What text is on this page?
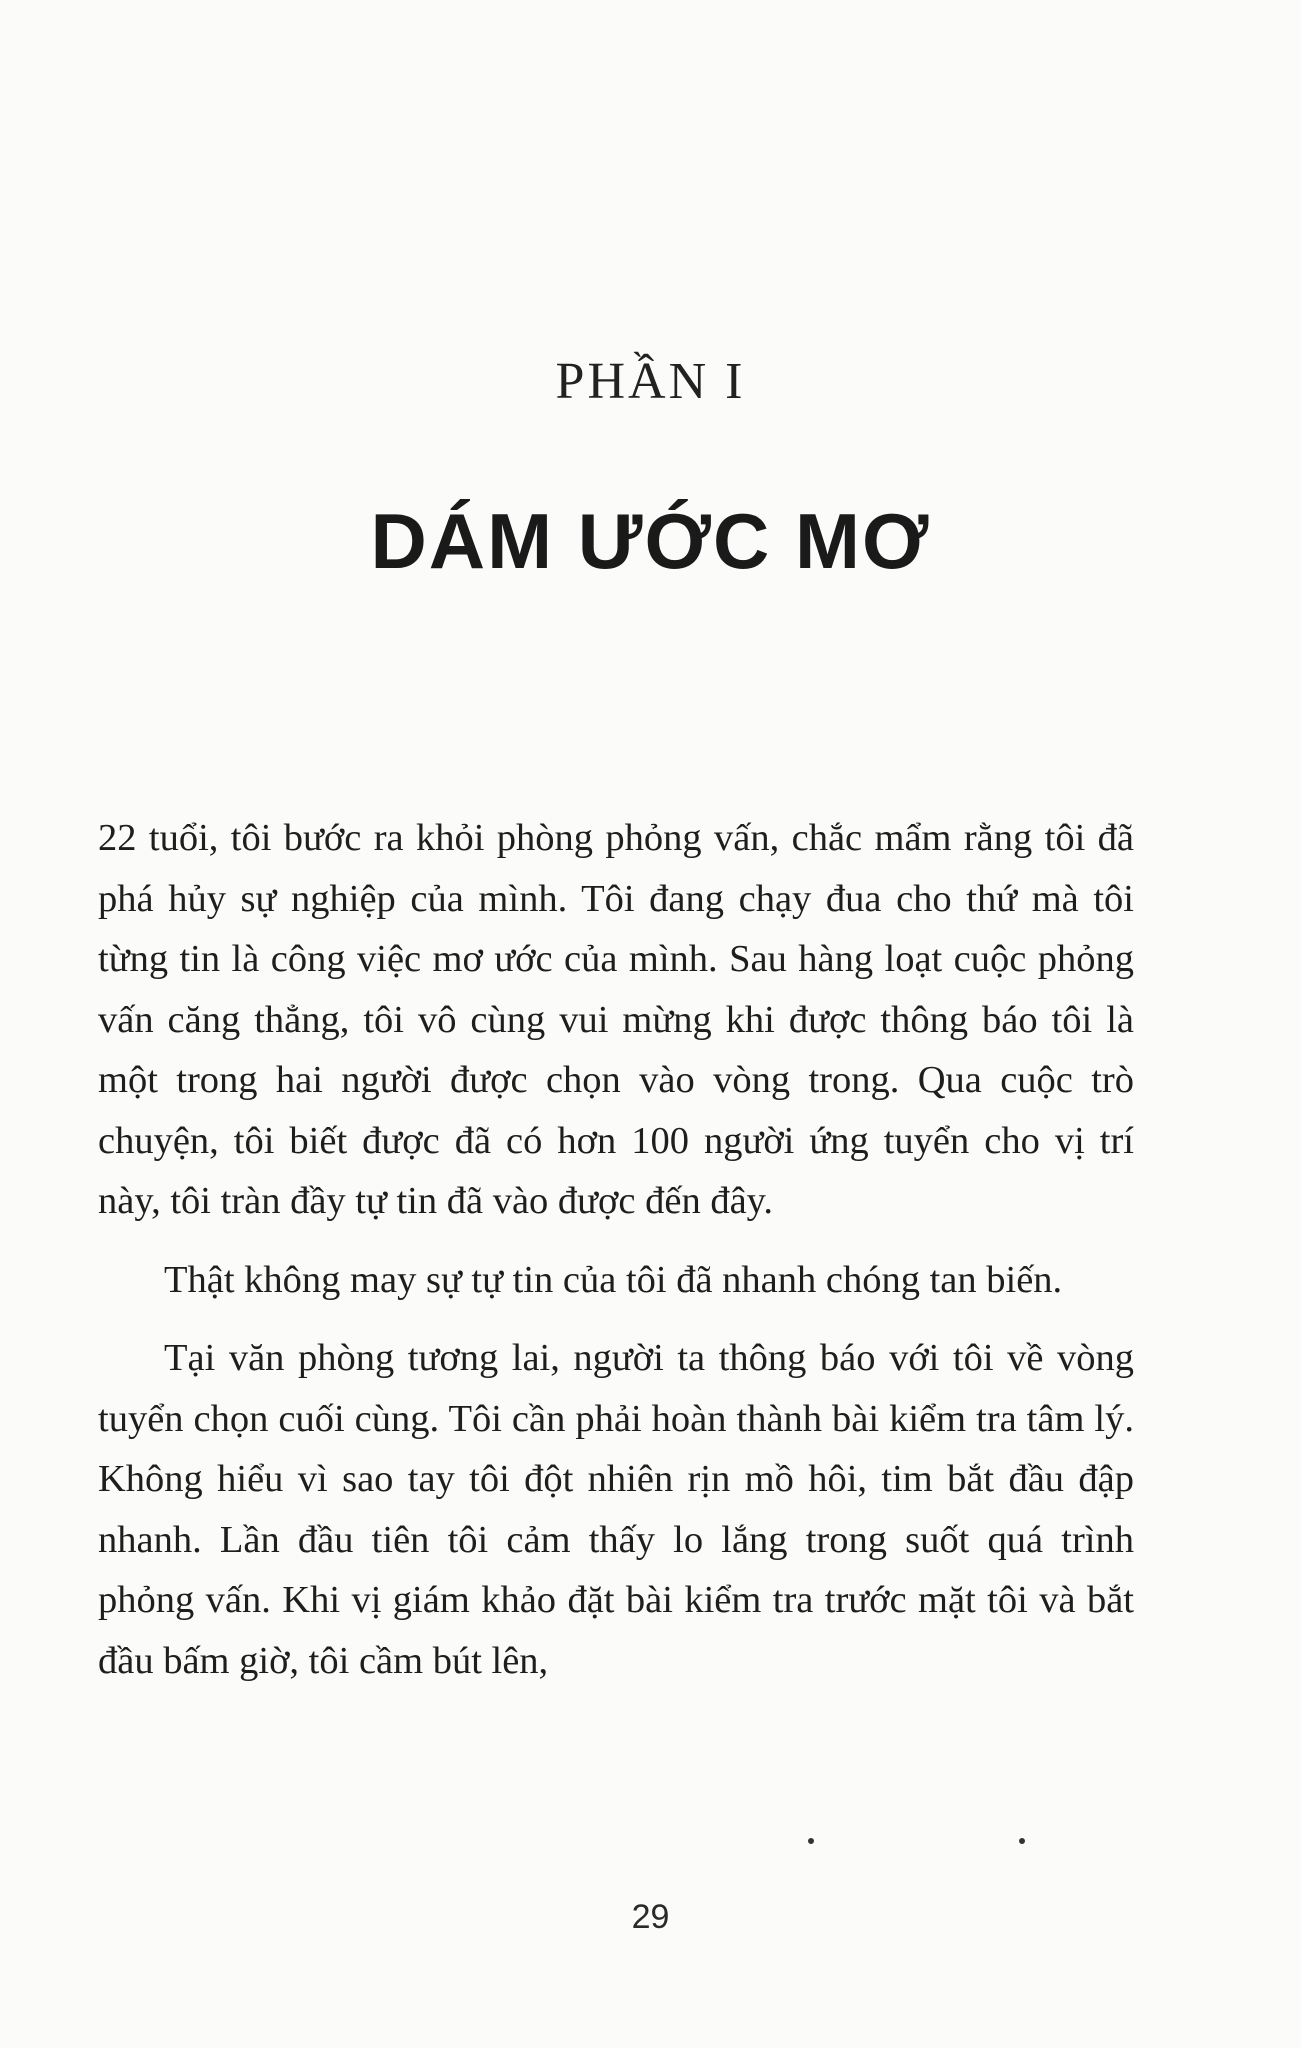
PHẦN I
DÁM ƯỚC MƠ

22 tuổi, tôi bước ra khỏi phòng phỏng vấn, chắc mẩm rằng tôi đã phá hủy sự nghiệp của mình. Tôi đang chạy đua cho thứ mà tôi từng tin là công việc mơ ước của mình. Sau hàng loạt cuộc phỏng vấn căng thẳng, tôi vô cùng vui mừng khi được thông báo tôi là một trong hai người được chọn vào vòng trong. Qua cuộc trò chuyện, tôi biết được đã có hơn 100 người ứng tuyển cho vị trí này, tôi tràn đầy tự tin đã vào được đến đây.

Thật không may sự tự tin của tôi đã nhanh chóng tan biến.

Tại văn phòng tương lai, người ta thông báo với tôi về vòng tuyển chọn cuối cùng. Tôi cần phải hoàn thành bài kiểm tra tâm lý. Không hiểu vì sao tay tôi đột nhiên rịn mồ hôi, tim bắt đầu đập nhanh. Lần đầu tiên tôi cảm thấy lo lắng trong suốt quá trình phỏng vấn. Khi vị giám khảo đặt bài kiểm tra trước mặt tôi và bắt đầu bấm giờ, tôi cầm bút lên,

29
